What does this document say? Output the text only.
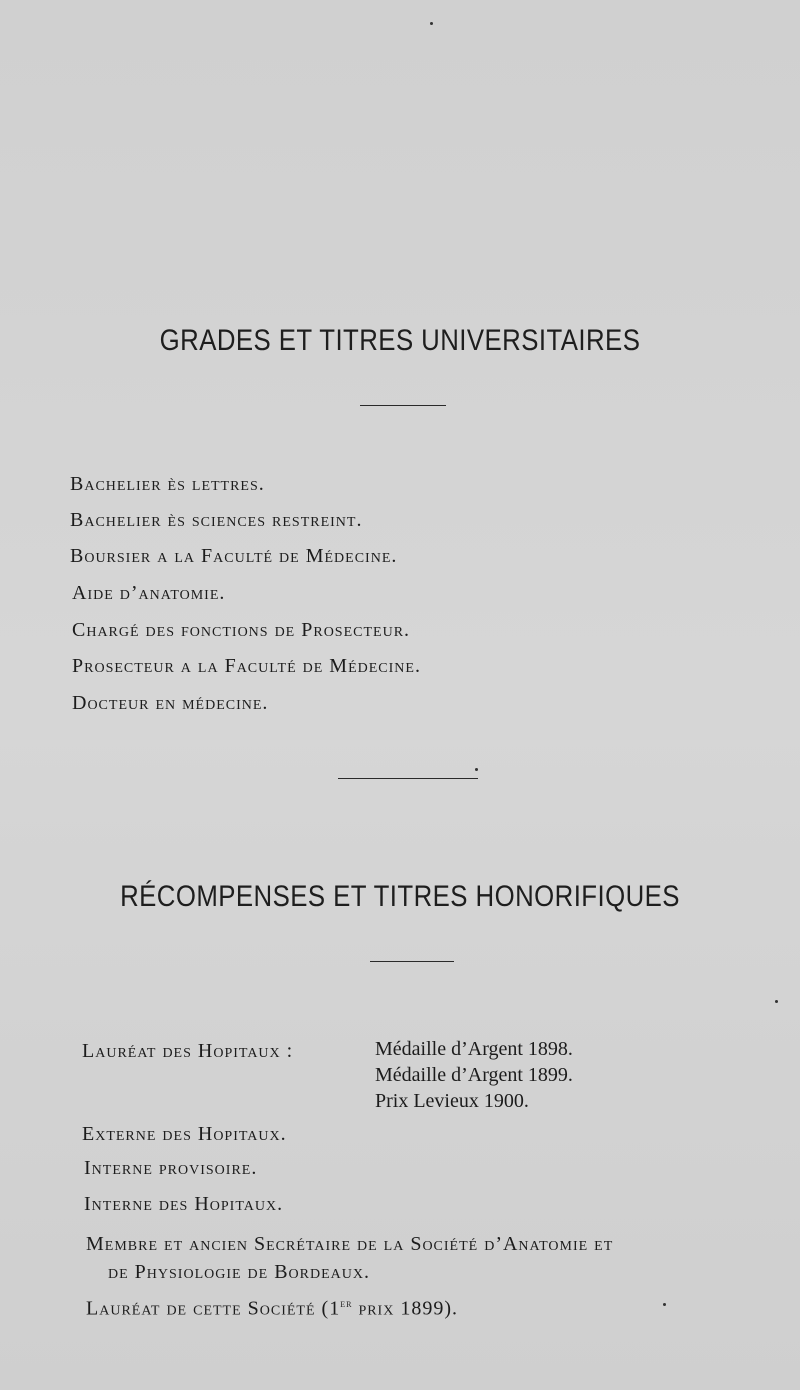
GRADES ET TITRES UNIVERSITAIRES
Bachelier ès lettres.
Bachelier ès sciences restreint.
Boursier a la Faculté de Médecine.
Aide d’anatomie.
Chargé des fonctions de Prosecteur.
Prosecteur a la Faculté de Médecine.
Docteur en médecine.
RÉCOMPENSES ET TITRES HONORIFIQUES
Lauréat des Hopitaux :	Médaille d’Argent 1898.
Médaille d’Argent 1899.
Prix Levieux 1900.
Externe des Hopitaux.
Interne provisoire.
Interne des Hopitaux.
Membre et ancien Secrétaire de la Société d’Anatomie et
de Physiologie de Bordeaux.
Lauréat de cette Société (1er prix 1899).
